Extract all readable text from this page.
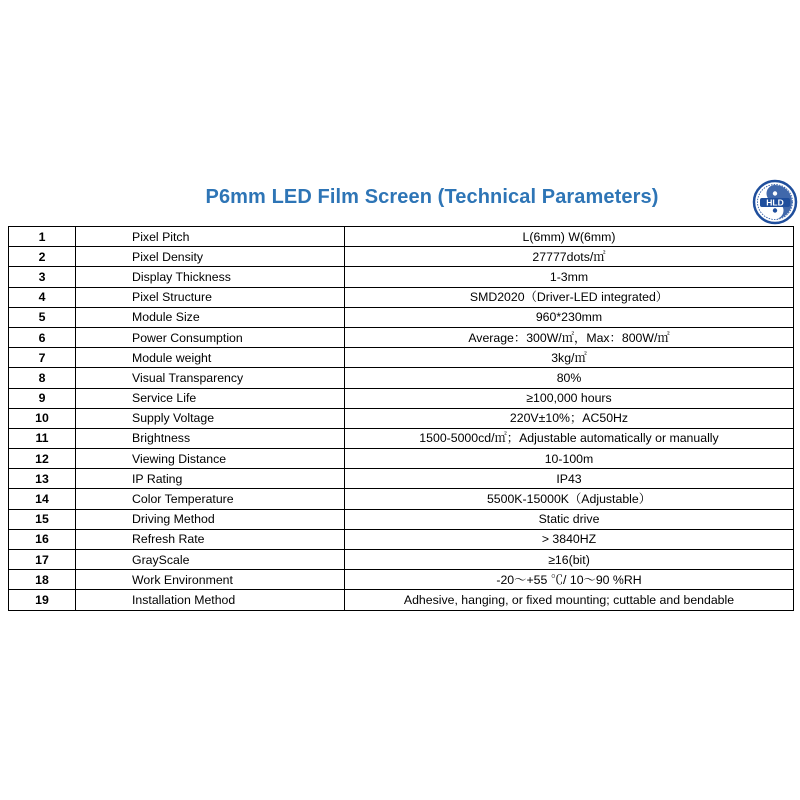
P6mm LED Film Screen (Technical Parameters)	HLD
1	Pixel Pitch	L(6mm) W(6mm)
2	Pixel Density	27777dots/㎡
3	Display Thickness	1-3mm
4	Pixel Structure	SMD2020（Driver-LED integrated）
5	Module Size	960*230mm
6	Power Consumption	Average：300W/㎡，Max：800W/㎡
7	Module weight	3kg/㎡
8	Visual Transparency	80%
9	Service Life	≥100,000 hours
10	Supply Voltage	220V±10%；AC50Hz
11	Brightness	1500-5000cd/㎡；Adjustable automatically or manually
12	Viewing Distance	10-100m
13	IP Rating	IP43
14	Color Temperature	5500K-15000K（Adjustable）
15	Driving Method	Static drive
16	Refresh Rate	> 3840HZ
17	GrayScale	≥16(bit)
18	Work Environment	-20～+55 ℃/ 10～90 %RH
19	Installation Method	Adhesive, hanging, or fixed mounting; cuttable and bendable
